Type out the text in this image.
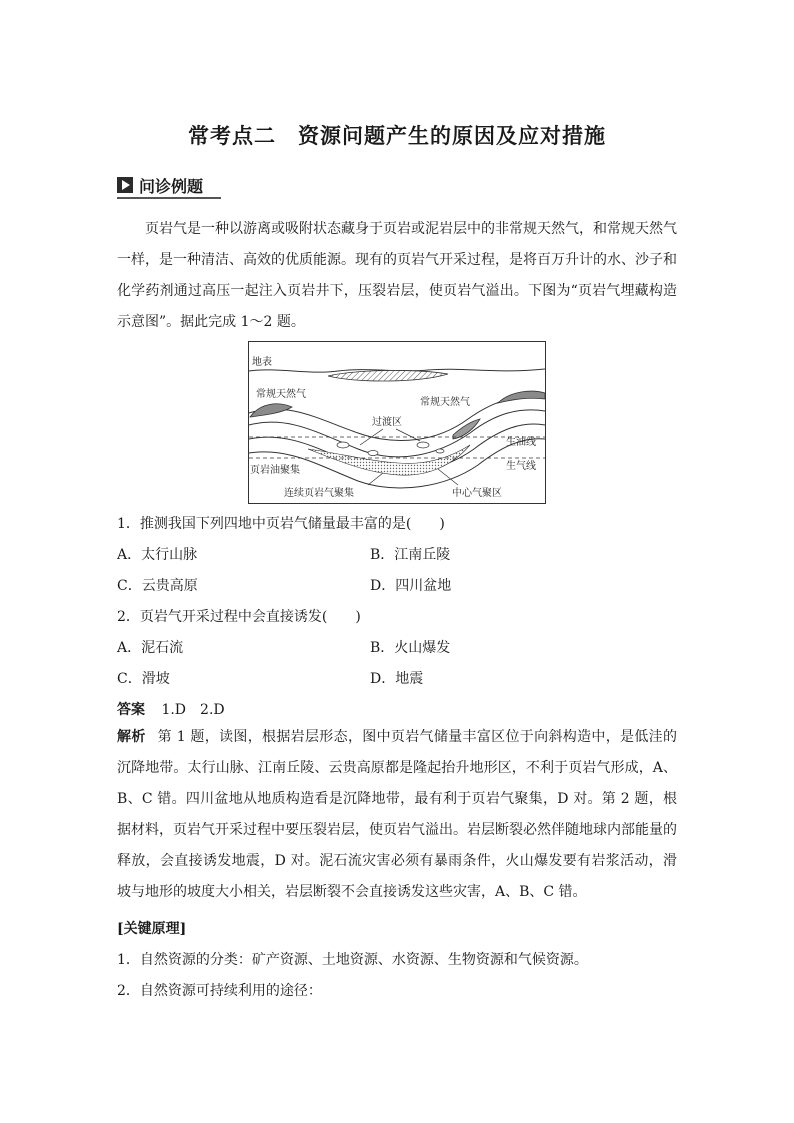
常考点二　资源问题产生的原因及应对措施
问诊例题

页岩气是一种以游离或吸附状态藏身于页岩或泥岩层中的非常规天然气，和常规天然气一样，是一种清洁、高效的优质能源。现有的页岩气开采过程，是将百万升计的水、沙子和化学药剂通过高压一起注入页岩井下，压裂岩层，使页岩气溢出。下图为“页岩气埋藏构造示意图”。据此完成 1～2 题。

地表
常规天然气
常规天然气
过渡区
生油线
生气线
页岩油聚集
连续页岩气聚集	中心气聚区
1．推测我国下列四地中页岩气储量最丰富的是(　　)
A．太行山脉	B．江南丘陵
C．云贵高原	D．四川盆地
2．页岩气开采过程中会直接诱发(　　)
A．泥石流	B．火山爆发
C．滑坡	D．地震
答案 1.D　2.D

解析 第 1 题，读图，根据岩层形态，图中页岩气储量丰富区位于向斜构造中，是低洼的沉降地带。太行山脉、江南丘陵、云贵高原都是隆起抬升地形区，不利于页岩气形成，A、B、C 错。四川盆地从地质构造看是沉降地带，最有利于页岩气聚集，D 对。第 2 题，根据材料，页岩气开采过程中要压裂岩层，使页岩气溢出。岩层断裂必然伴随地球内部能量的释放，会直接诱发地震，D 对。泥石流灾害必须有暴雨条件，火山爆发要有岩浆活动，滑坡与地形的坡度大小相关，岩层断裂不会直接诱发这些灾害，A、B、C 错。

[关键原理]
1．自然资源的分类：矿产资源、土地资源、水资源、生物资源和气候资源。
2．自然资源可持续利用的途径：
